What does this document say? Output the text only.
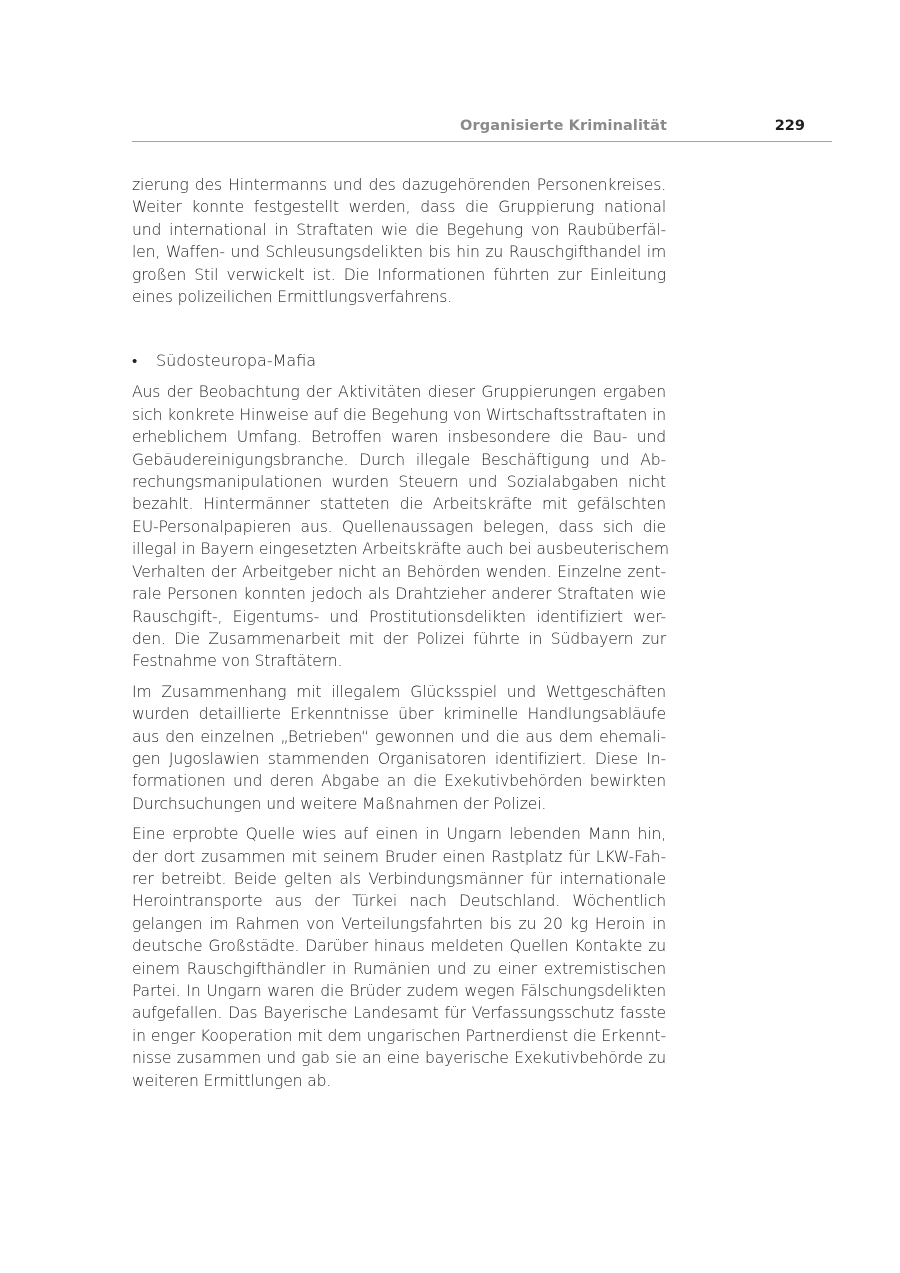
Organisierte Kriminalität	229
zierung des Hintermanns und des dazugehörenden Personenkreises.
Weiter konnte festgestellt werden, dass die Gruppierung national
und international in Straftaten wie die Begehung von Raubüberfäl-
len, Waffen- und Schleusungsdelikten bis hin zu Rauschgifthandel im
großen Stil verwickelt ist. Die Informationen führten zur Einleitung
eines polizeilichen Ermittlungsverfahrens.
•	Südosteuropa-Mafia
Aus der Beobachtung der Aktivitäten dieser Gruppierungen ergaben
sich konkrete Hinweise auf die Begehung von Wirtschaftsstraftaten in
erheblichem Umfang. Betroffen waren insbesondere die Bau- und
Gebäudereinigungsbranche. Durch illegale Beschäftigung und Ab-
rechungsmanipulationen wurden Steuern und Sozialabgaben nicht
bezahlt. Hintermänner statteten die Arbeitskräfte mit gefälschten
EU-Personalpapieren aus. Quellenaussagen belegen, dass sich die
illegal in Bayern eingesetzten Arbeitskräfte auch bei ausbeuterischem
Verhalten der Arbeitgeber nicht an Behörden wenden. Einzelne zent-
rale Personen konnten jedoch als Drahtzieher anderer Straftaten wie
Rauschgift-, Eigentums- und Prostitutionsdelikten identifiziert wer-
den. Die Zusammenarbeit mit der Polizei führte in Südbayern zur
Festnahme von Straftätern.
Im Zusammenhang mit illegalem Glücksspiel und Wettgeschäften
wurden detaillierte Erkenntnisse über kriminelle Handlungsabläufe
aus den einzelnen „Betrieben“ gewonnen und die aus dem ehemali-
gen Jugoslawien stammenden Organisatoren identifiziert. Diese In-
formationen und deren Abgabe an die Exekutivbehörden bewirkten
Durchsuchungen und weitere Maßnahmen der Polizei.
Eine erprobte Quelle wies auf einen in Ungarn lebenden Mann hin,
der dort zusammen mit seinem Bruder einen Rastplatz für LKW-Fah-
rer betreibt. Beide gelten als Verbindungsmänner für internationale
Herointransporte aus der Türkei nach Deutschland. Wöchentlich
gelangen im Rahmen von Verteilungsfahrten bis zu 20 kg Heroin in
deutsche Großstädte. Darüber hinaus meldeten Quellen Kontakte zu
einem Rauschgifthändler in Rumänien und zu einer extremistischen
Partei. In Ungarn waren die Brüder zudem wegen Fälschungsdelikten
aufgefallen. Das Bayerische Landesamt für Verfassungsschutz fasste
in enger Kooperation mit dem ungarischen Partnerdienst die Erkennt-
nisse zusammen und gab sie an eine bayerische Exekutivbehörde zu
weiteren Ermittlungen ab.
